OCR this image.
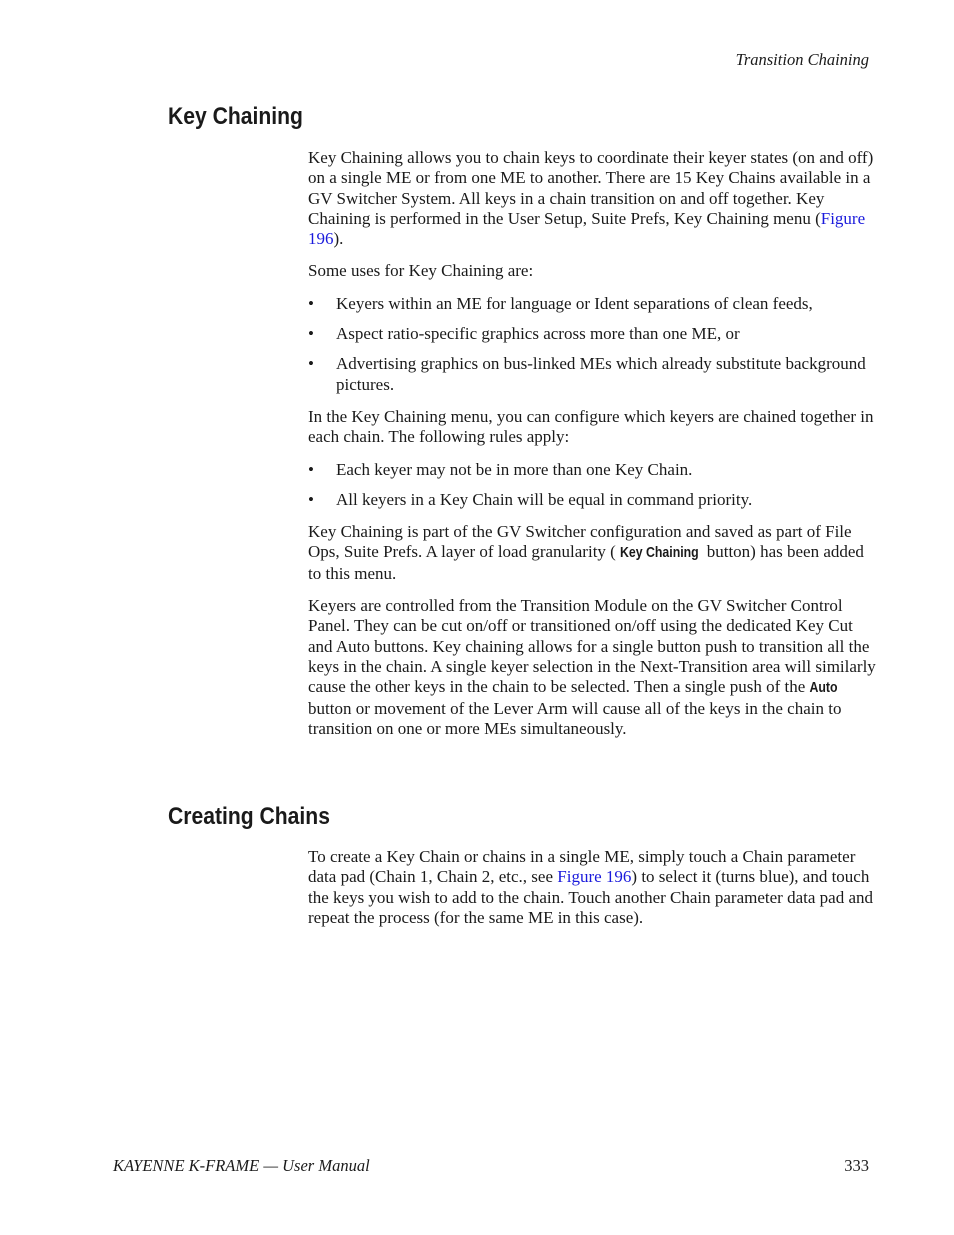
Transition Chaining
Key Chaining

Key Chaining allows you to chain keys to coordinate their keyer states (on and off) on a single ME or from one ME to another. There are 15 Key Chains available in a GV Switcher System. All keys in a chain transition on and off together. Key Chaining is performed in the User Setup, Suite Prefs, Key Chaining menu (Figure 196).

Some uses for Key Chaining are:

• Keyers within an ME for language or Ident separations of clean feeds,
• Aspect ratio-specific graphics across more than one ME, or
• Advertising graphics on bus-linked MEs which already substitute background pictures.

In the Key Chaining menu, you can configure which keyers are chained together in each chain. The following rules apply:

• Each keyer may not be in more than one Key Chain.
• All keyers in a Key Chain will be equal in command priority.

Key Chaining is part of the GV Switcher configuration and saved as part of File Ops, Suite Prefs. A layer of load granularity ( Key Chaining button) has been added to this menu.

Keyers are controlled from the Transition Module on the GV Switcher Control Panel. They can be cut on/off or transitioned on/off using the dedicated Key Cut and Auto buttons. Key chaining allows for a single button push to transition all the keys in the chain. A single keyer selection in the Next-Transition area will similarly cause the other keys in the chain to be selected. Then a single push of the Auto button or movement of the Lever Arm will cause all of the keys in the chain to transition on one or more MEs simultaneously.

Creating Chains

To create a Key Chain or chains in a single ME, simply touch a Chain parameter data pad (Chain 1, Chain 2, etc., see Figure 196) to select it (turns blue), and touch the keys you wish to add to the chain. Touch another Chain parameter data pad and repeat the process (for the same ME in this case).

KAYENNE K-FRAME — User Manual	333
